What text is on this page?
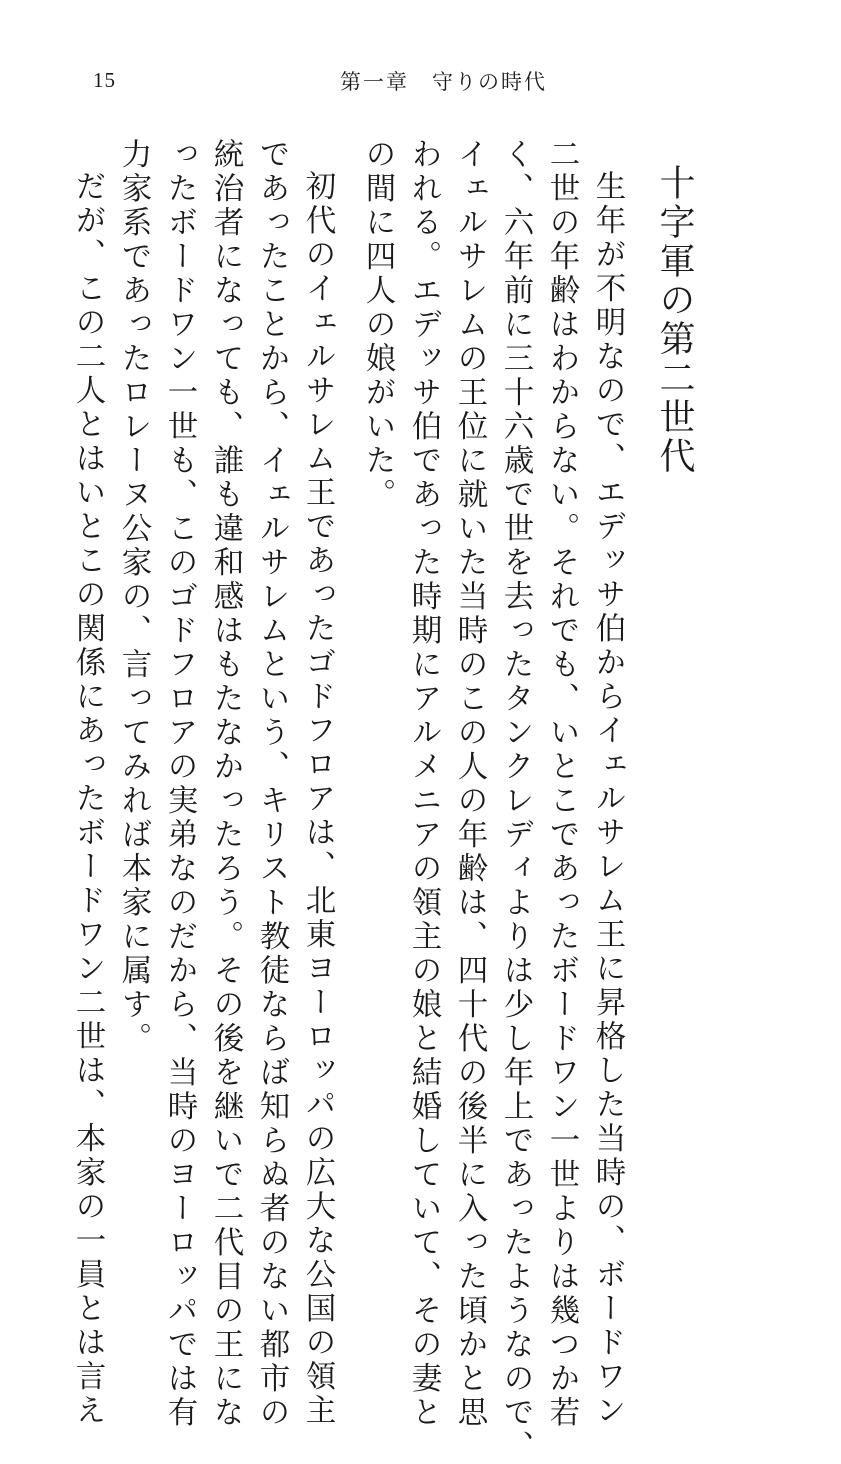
15	第一章　守りの時代
十字軍の第二世代
生年が不明なので、エデッサ伯からイェルサレム王に昇格した当時の、ボードワン
二世の年齢はわからない。それでも、いとこであったボードワン一世よりは幾つか若
く、六年前に三十六歳で世を去ったタンクレディよりは少し年上であったようなので、
イェルサレムの王位に就いた当時のこの人の年齢は、四十代の後半に入った頃かと思
われる。エデッサ伯であった時期にアルメニアの領主の娘と結婚していて、その妻と
の間に四人の娘がいた。
初代のイェルサレム王であったゴドフロアは、北東ヨーロッパの広大な公国の領主
であったことから、イェルサレムという、キリスト教徒ならば知らぬ者のない都市の
統治者になっても、誰も違和感はもたなかったろう。その後を継いで二代目の王にな
ったボードワン一世も、このゴドフロアの実弟なのだから、当時のヨーロッパでは有
力家系であったロレーヌ公家の、言ってみれば本家に属す。
だが、この二人とはいとこの関係にあったボードワン二世は、本家の一員とは言え
